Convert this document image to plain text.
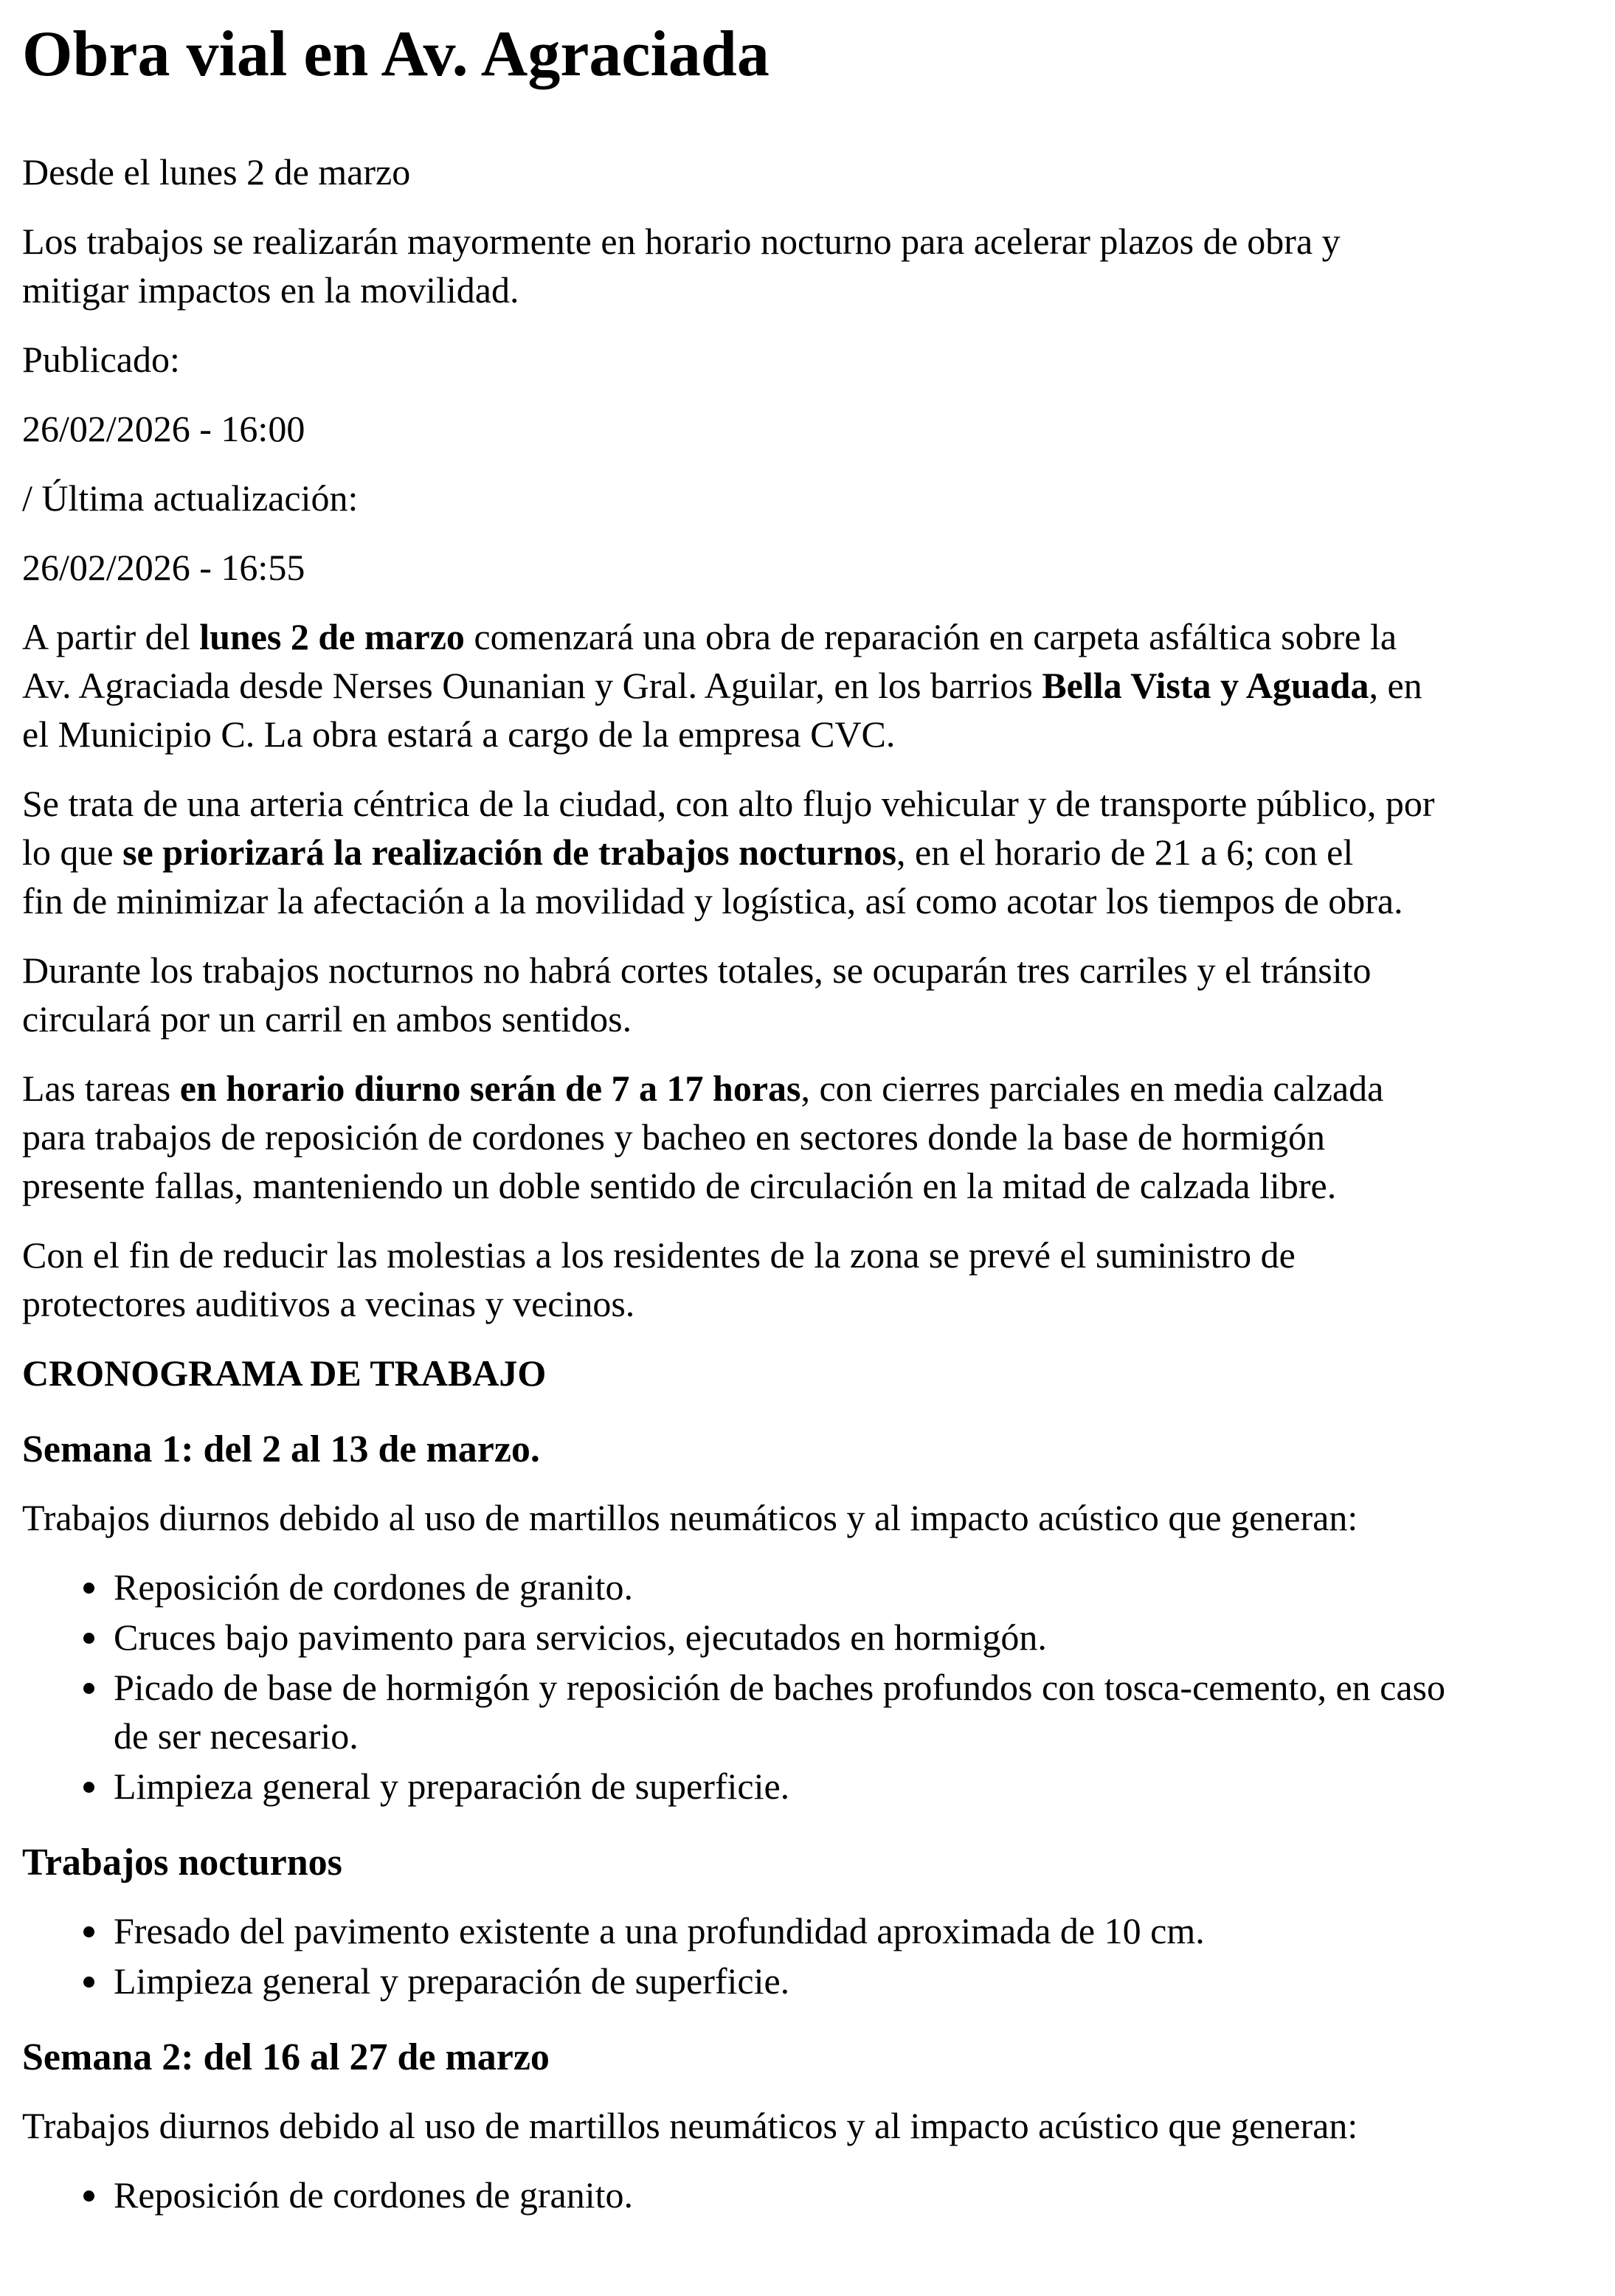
Obra vial en Av. Agraciada

Desde el lunes 2 de marzo

Los trabajos se realizarán mayormente en horario nocturno para acelerar plazos de obra y
mitigar impactos en la movilidad.

Publicado:

26/02/2026 - 16:00

/ Última actualización:

26/02/2026 - 16:55

A partir del lunes 2 de marzo comenzará una obra de reparación en carpeta asfáltica sobre la
Av. Agraciada desde Nerses Ounanian y Gral. Aguilar, en los barrios Bella Vista y Aguada, en
el Municipio C. La obra estará a cargo de la empresa CVC.

Se trata de una arteria céntrica de la ciudad, con alto flujo vehicular y de transporte público, por
lo que se priorizará la realización de trabajos nocturnos, en el horario de 21 a 6; con el
fin de minimizar la afectación a la movilidad y logística, así como acotar los tiempos de obra.

Durante los trabajos nocturnos no habrá cortes totales, se ocuparán tres carriles y el tránsito
circulará por un carril en ambos sentidos.

Las tareas en horario diurno serán de 7 a 17 horas, con cierres parciales en media calzada
para trabajos de reposición de cordones y bacheo en sectores donde la base de hormigón
presente fallas, manteniendo un doble sentido de circulación en la mitad de calzada libre.

Con el fin de reducir las molestias a los residentes de la zona se prevé el suministro de
protectores auditivos a vecinas y vecinos.

CRONOGRAMA DE TRABAJO

Semana 1: del 2 al 13 de marzo.

Trabajos diurnos debido al uso de martillos neumáticos y al impacto acústico que generan:

• Reposición de cordones de granito.
• Cruces bajo pavimento para servicios, ejecutados en hormigón.
• Picado de base de hormigón y reposición de baches profundos con tosca-cemento, en caso
de ser necesario.
• Limpieza general y preparación de superficie.
Trabajos nocturnos
• Fresado del pavimento existente a una profundidad aproximada de 10 cm.
• Limpieza general y preparación de superficie.
Semana 2: del 16 al 27 de marzo

Trabajos diurnos debido al uso de martillos neumáticos y al impacto acústico que generan:

• Reposición de cordones de granito.
